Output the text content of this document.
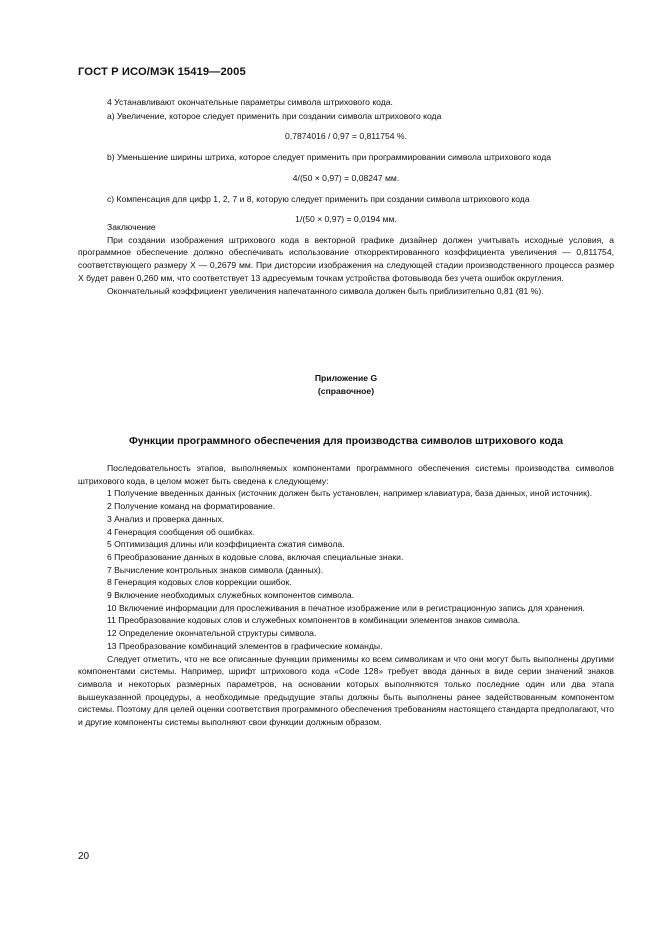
ГОСТ Р ИСО/МЭК 15419—2005

4 Устанавливают окончательные параметры символа штрихового кода.

а) Увеличение, которое следует применить при создании символа штрихового кода

0,7874016 / 0,97 = 0,811754 %.

b) Уменьшение ширины штриха, которое следует применить при программировании символа штрихового кода

4/(50 × 0,97) = 0,08247 мм.

с) Компенсация для цифр 1, 2, 7 и 8, которую следует применить при создании символа штрихового кода

1/(50 × 0,97) = 0,0194 мм.

Заключение

При создании изображения штрихового кода в векторной графике дизайнер должен учитывать исходные условия, а программное обеспечение должно обеспечивать использование откорректированного коэффициента увеличения — 0,811754, соответствующего размеру X — 0,2679 мм. При дисторсии изображения на следующей стадии производственного процесса размер X будет равен 0,260 мм, что соответствует 13 адресуемым точкам устройства фотовывода без учета ошибок округления.

Окончательный коэффициент увеличения напечатанного символа должен быть приблизительно 0,81 (81 %).

Приложение G

(справочное)

Функции программного обеспечения для производства символов штрихового кода

Последовательность этапов, выполняемых компонентами программного обеспечения системы производства символов штрихового кода, в целом может быть сведена к следующему:

1 Получение введенных данных (источник должен быть установлен, например клавиатура, база данных, иной источник).

2 Получение команд на форматирование.

3 Анализ и проверка данных.

4 Генерация сообщения об ошибках.

5 Оптимизация длины или коэффициента сжатия символа.

6 Преобразование данных в кодовые слова, включая специальные знаки.

7 Вычисление контрольных знаков символа (данных).

8 Генерация кодовых слов коррекции ошибок.

9 Включение необходимых служебных компонентов символа.

10 Включение информации для прослеживания в печатное изображение или в регистрационную запись для хранения.

11 Преобразование кодовых слов и служебных компонентов в комбинации элементов знаков символа.

12 Определение окончательной структуры символа.

13 Преобразование комбинаций элементов в графические команды.

Следует отметить, что не все описанные функции применимы ко всем символикам и что они могут быть выполнены другими компонентами системы. Например, шрифт штрихового кода «Code 128» требует ввода данных в виде серии значений знаков символа и некоторых размерных параметров, на основании которых выполняются только последние один или два этапа вышеуказанной процедуры, а необходимые предыдущие этапы должны быть выполнены ранее задействованным компонентом системы. Поэтому для целей оценки соответствия программного обеспечения требованиям настоящего стандарта предполагают, что и другие компоненты системы выполняют свои функции должным образом.

20
